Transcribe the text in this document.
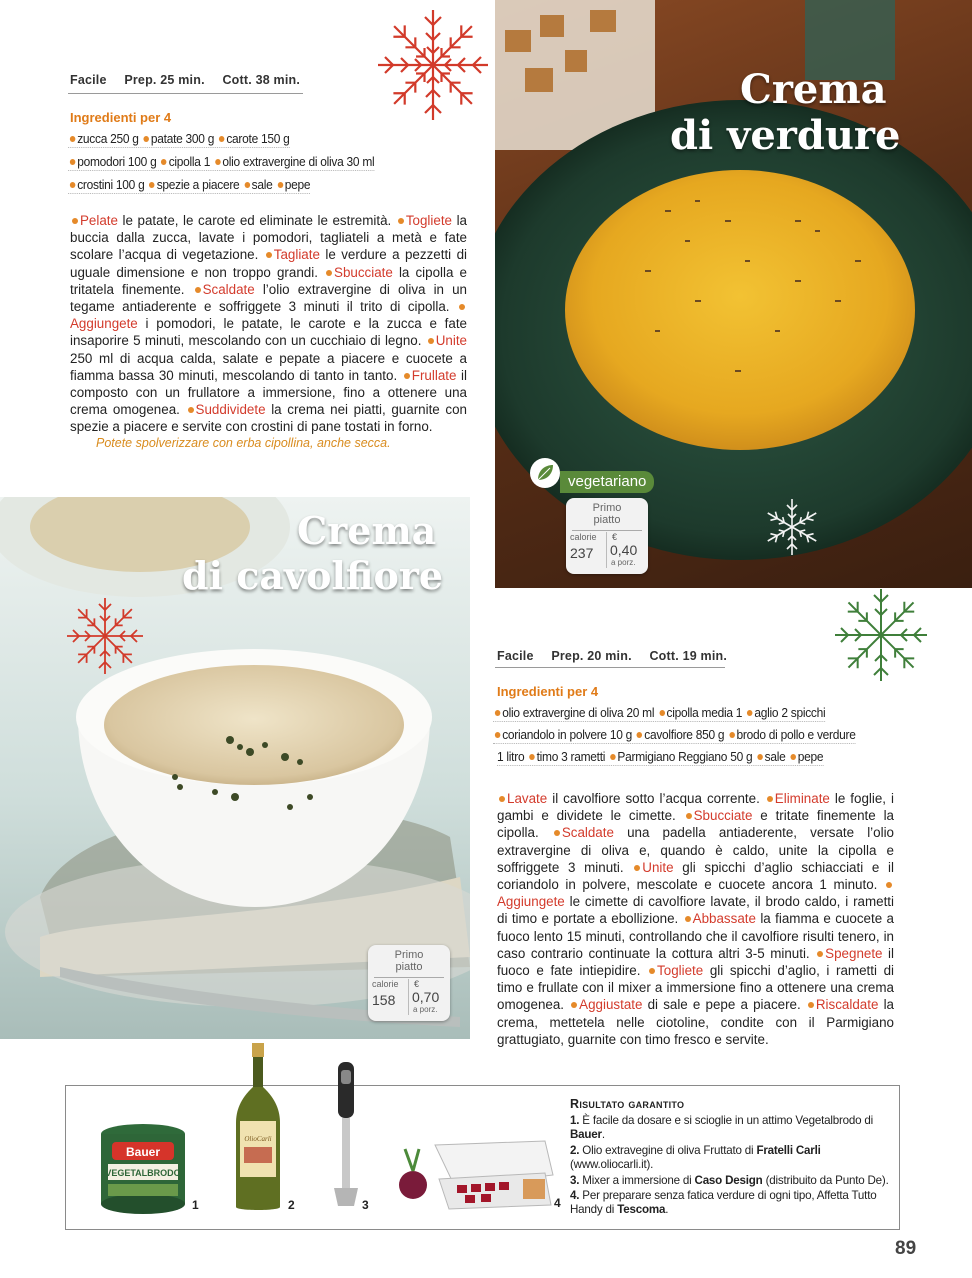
Facile Prep. 25 min. Cott. 38 min.
Ingredienti per 4
zucca 250 g patate 300 g carote 150 g
pomodori 100 g cipolla 1 olio extravergine di oliva 30 ml
crostini 100 g spezie a piacere sale pepe
Pelate le patate, le carote ed eliminate le estremità. Togliete la buccia dalla zucca, lavate i pomodori, tagliateli a metà e fate scolare l’acqua di vegetazione. Tagliate le verdure a pezzetti di uguale dimensione e non troppo grandi. Sbucciate la cipolla e tritatela finemente. Scaldate l’olio extravergine di oliva in un tegame antiaderente e soffriggete 3 minuti il trito di cipolla. Aggiungete i pomodori, le patate, le carote e la zucca e fate insaporire 5 minuti, mescolando con un cucchiaio di legno. Unite 250 ml di acqua calda, salate e pepate a piacere e cuocete a fiamma bassa 30 minuti, mescolando di tanto in tanto. Frullate il composto con un frullatore a immersione, fino a ottenere una crema omogenea. Suddividete la crema nei piatti, guarnite con spezie a piacere e servite con crostini di pane tostati in forno.
Potete spolverizzare con erba cipollina, anche secca.
Crema
di verdure
vegetariano
Primo piatto
calorie
237
€
0,40
a porz.
Crema
di cavolfiore
Primo piatto
calorie
158
€
0,70
a porz.
Facile Prep. 20 min. Cott. 19 min.
Ingredienti per 4
olio extravergine di oliva 20 ml cipolla media 1 aglio 2 spicchi
coriandolo in polvere 10 g cavolfiore 850 g brodo di pollo e verdure
1 litro timo 3 rametti Parmigiano Reggiano 50 g sale pepe
Lavate il cavolfiore sotto l’acqua corrente. Eliminate le foglie, i gambi e dividete le cimette. Sbucciate e tritate finemente la cipolla. Scaldate una padella antiaderente, versate l’olio extravergine di oliva e, quando è caldo, unite la cipolla e soffriggete 3 minuti. Unite gli spicchi d’aglio schiacciati e il coriandolo in polvere, mescolate e cuocete ancora 1 minuto. Aggiungete le cimette di cavolfiore lavate, il brodo caldo, i rametti di timo e portate a ebollizione. Abbassate la fiamma e cuocete a fuoco lento 15 minuti, controllando che il cavolfiore risulti tenero, in caso contrario continuate la cottura altri 3-5 minuti. Spegnete il fuoco e fate intiepidire. Togliete gli spicchi d’aglio, i rametti di timo e frullate con il mixer a immersione fino a ottenere una crema omogenea. Aggiustate di sale e pepe a piacere. Riscaldate la crema, mettetela nelle ciotoline, condite con il Parmigiano grattugiato, guarnite con timo fresco e servite.
Bauer
VEGETALBRODO
1
OlioCarli
2	3	4
Risultato garantito
1. È facile da dosare e si scioglie in un attimo Vegetalbrodo di Bauer.
2. Olio extravegine di oliva Fruttato di Fratelli Carli (www.oliocarli.it).
3. Mixer a immersione di Caso Design (distribuito da Punto De).
4. Per preparare senza fatica verdure di ogni tipo, Affetta Tutto Handy di Tescoma.
89
